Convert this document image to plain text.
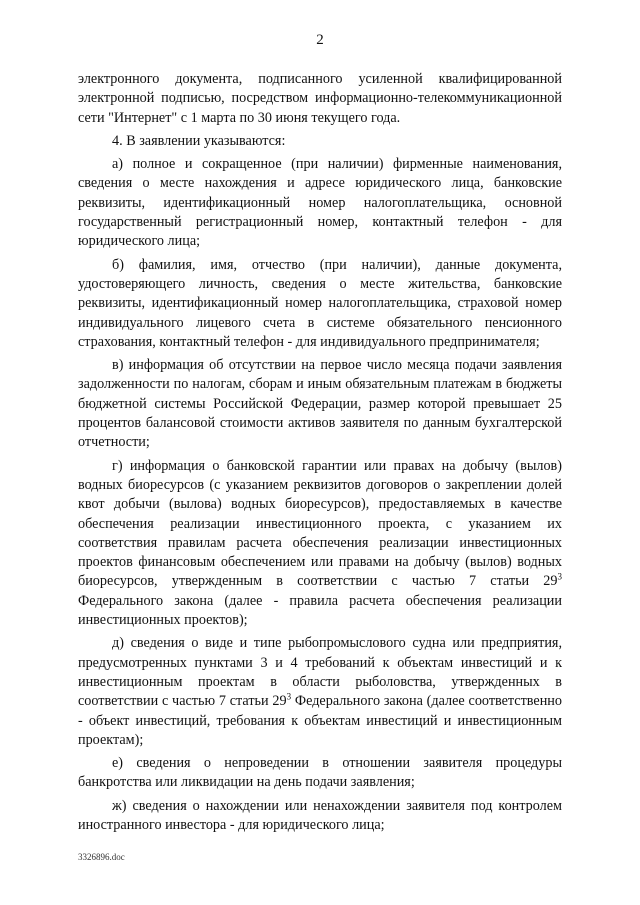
2

электронного документа, подписанного усиленной квалифицированной электронной подписью, посредством информационно-телекоммуникационной сети "Интернет" с 1 марта по 30 июня текущего года.

4. В заявлении указываются:

а) полное и сокращенное (при наличии) фирменные наименования, сведения о месте нахождения и адресе юридического лица, банковские реквизиты, идентификационный номер налогоплательщика, основной государственный регистрационный номер, контактный телефон - для юридического лица;

б) фамилия, имя, отчество (при наличии), данные документа, удостоверяющего личность, сведения о месте жительства, банковские реквизиты, идентификационный номер налогоплательщика, страховой номер индивидуального лицевого счета в системе обязательного пенсионного страхования, контактный телефон - для индивидуального предпринимателя;

в) информация об отсутствии на первое число месяца подачи заявления задолженности по налогам, сборам и иным обязательным платежам в бюджеты бюджетной системы Российской Федерации, размер которой превышает 25 процентов балансовой стоимости активов заявителя по данным бухгалтерской отчетности;

г) информация о банковской гарантии или правах на добычу (вылов) водных биоресурсов (с указанием реквизитов договоров о закреплении долей квот добычи (вылова) водных биоресурсов), предоставляемых в качестве обеспечения реализации инвестиционного проекта, с указанием их соответствия правилам расчета обеспечения реализации инвестиционных проектов финансовым обеспечением или правами на добычу (вылов) водных биоресурсов, утвержденным в соответствии с частью 7 статьи $29^3$ Федерального закона (далее - правила расчета обеспечения реализации инвестиционных проектов);

д) сведения о виде и типе рыбопромыслового судна или предприятия, предусмотренных пунктами 3 и 4 требований к объектам инвестиций и к инвестиционным проектам в области рыболовства, утвержденных в соответствии с частью 7 статьи $29^3$ Федерального закона (далее соответственно - объект инвестиций, требования к объектам инвестиций и инвестиционным проектам);

е) сведения о непроведении в отношении заявителя процедуры банкротства или ликвидации на день подачи заявления;

ж) сведения о нахождении или ненахождении заявителя под контролем иностранного инвестора - для юридического лица;

3326896.doc
